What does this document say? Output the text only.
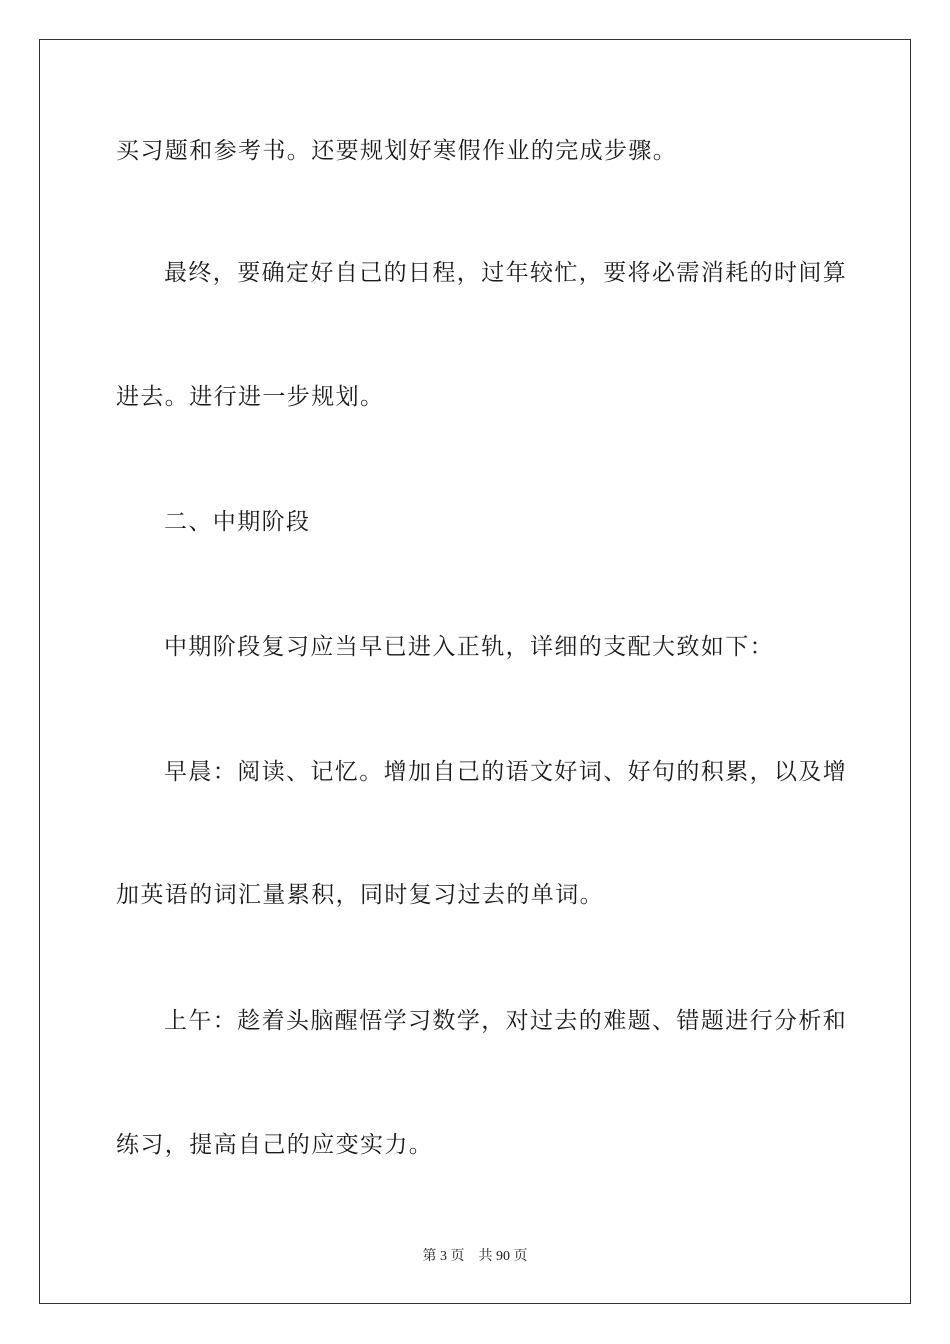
买习题和参考书。还要规划好寒假作业的完成步骤。
最终，要确定好自己的日程，过年较忙，要将必需消耗的时间算
进去。进行进一步规划。
二、中期阶段
中期阶段复习应当早已进入正轨，详细的支配大致如下：
早晨：阅读、记忆。增加自己的语文好词、好句的积累，以及增
加英语的词汇量累积，同时复习过去的单词。
上午：趁着头脑醒悟学习数学，对过去的难题、错题进行分析和
练习，提高自己的应变实力。
第 3 页 共 90 页
